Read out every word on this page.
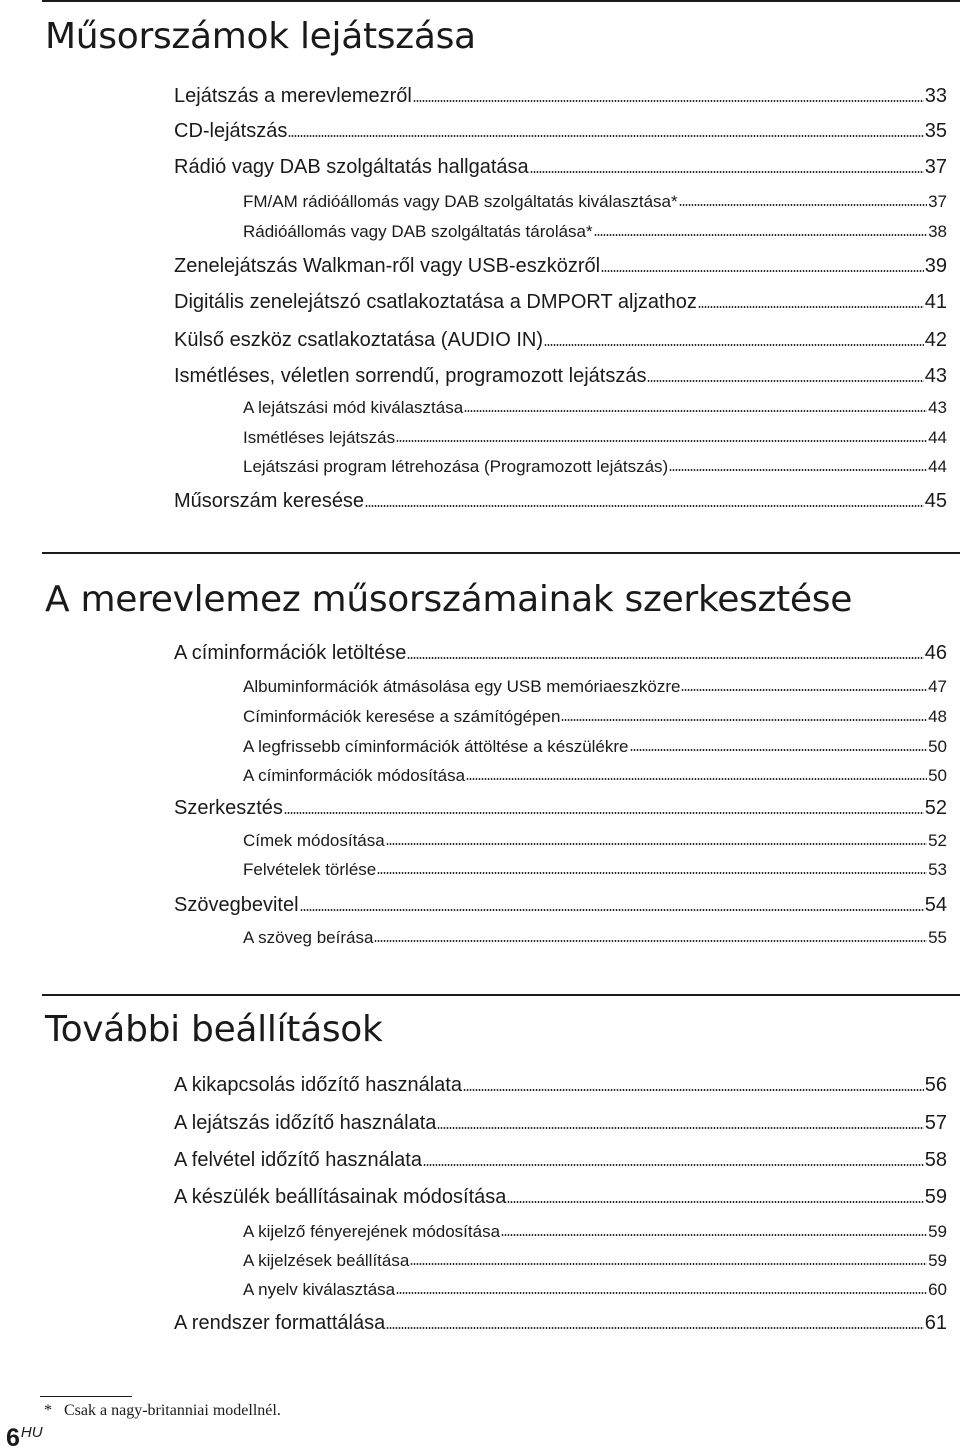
Műsorszámok lejátszása
A merevlemez műsorszámainak szerkesztése
További beállítások
Lejátszás a merevlemezről	33
CD-lejátszás	35
Rádió vagy DAB szolgáltatás hallgatása	37
FM/AM rádióállomás vagy DAB szolgáltatás kiválasztása*	37
Rádióállomás vagy DAB szolgáltatás tárolása*	38
Zenelejátszás Walkman-ről vagy USB-eszközről	39
Digitális zenelejátszó csatlakoztatása a DMPORT aljzathoz	41
Külső eszköz csatlakoztatása (AUDIO IN)	42
Ismétléses, véletlen sorrendű, programozott lejátszás	43
A lejátszási mód kiválasztása	43
Ismétléses lejátszás	44
Lejátszási program létrehozása (Programozott lejátszás)	44
Műsorszám keresése	45
A címinformációk letöltése	46
Albuminformációk átmásolása egy USB memóriaeszközre	47
Címinformációk keresése a számítógépen	48
A legfrissebb címinformációk áttöltése a készülékre	50
A címinformációk módosítása	50
Szerkesztés	52
Címek módosítása	52
Felvételek törlése	53
Szövegbevitel	54
A szöveg beírása	55
A kikapcsolás időzítő használata	56
A lejátszás időzítő használata	57
A felvétel időzítő használata	58
A készülék beállításainak módosítása	59
A kijelző fényerejének módosítása	59
A kijelzések beállítása	59
A nyelv kiválasztása	60
A rendszer formattálása	61
* Csak a nagy-britanniai modellnél.
$6^{HU}$
